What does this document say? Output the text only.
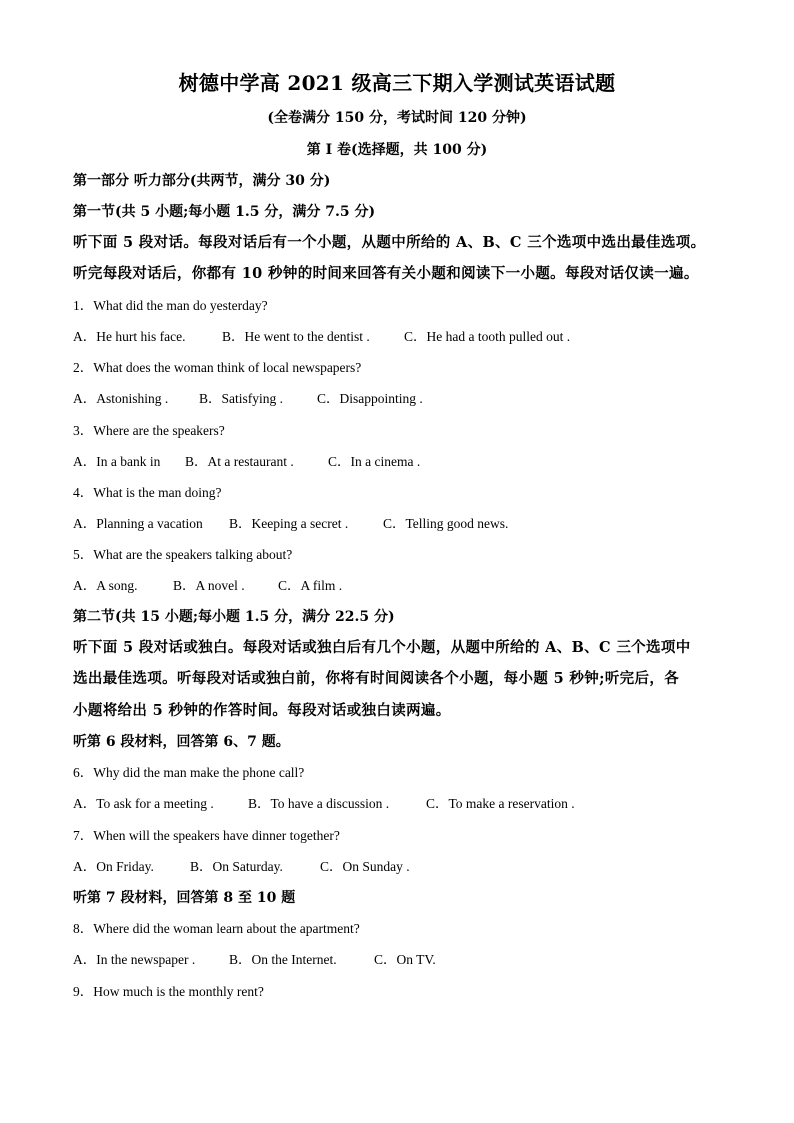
树德中学高 2021 级高三下期入学测试英语试题
(全卷满分 150 分，考试时间 120 分钟)
第 I 卷(选择题，共 100 分)
第一部分 听力部分(共两节，满分 30 分)
第一节(共 5 小题;每小题 1.5 分，满分 7.5 分)
听下面 5 段对话。每段对话后有一个小题，从题中所给的 A、B、C 三个选项中选出最佳选项。
听完每段对话后，你都有 10 秒钟的时间来回答有关小题和阅读下一小题。每段对话仅读一遍。
1．What did the man do yesterday?
A．He hurt his face.	B．He went to the dentist .	C．He had a tooth pulled out .
2．What does the woman think of local newspapers?
A．Astonishing . B．Satisfying .	C．Disappointing .
3．Where are the speakers?
A．In a bank in B．At a restaurant .	C．In a cinema .
4．What is the man doing?
A．Planning a vacation B．Keeping a secret .	C．Telling good news.
5．What are the speakers talking about?
A．A song.	B．A novel . C．A film .
第二节(共 15 小题;每小题 1.5 分，满分 22.5 分)
听下面 5 段对话或独白。每段对话或独白后有几个小题，从题中所给的 A、B、C 三个选项中
选出最佳选项。听每段对话或独白前，你将有时间阅读各个小题，每小题 5 秒钟;听完后，各
小题将给出 5 秒钟的作答时间。每段对话或独白读两遍。
听第 6 段材料，回答第 6、7 题。
6．Why did the man make the phone call?
A．To ask for a meeting .	B．To have a discussion .	C．To make a reservation .
7．When will the speakers have dinner together?
A．On Friday.	B．On Saturday.	C．On Sunday .
听第 7 段材料，回答第 8 至 10 题
8．Where did the woman learn about the apartment?
A．In the newspaper .	B．On the Internet.	C．On TV.
9．How much is the monthly rent?
